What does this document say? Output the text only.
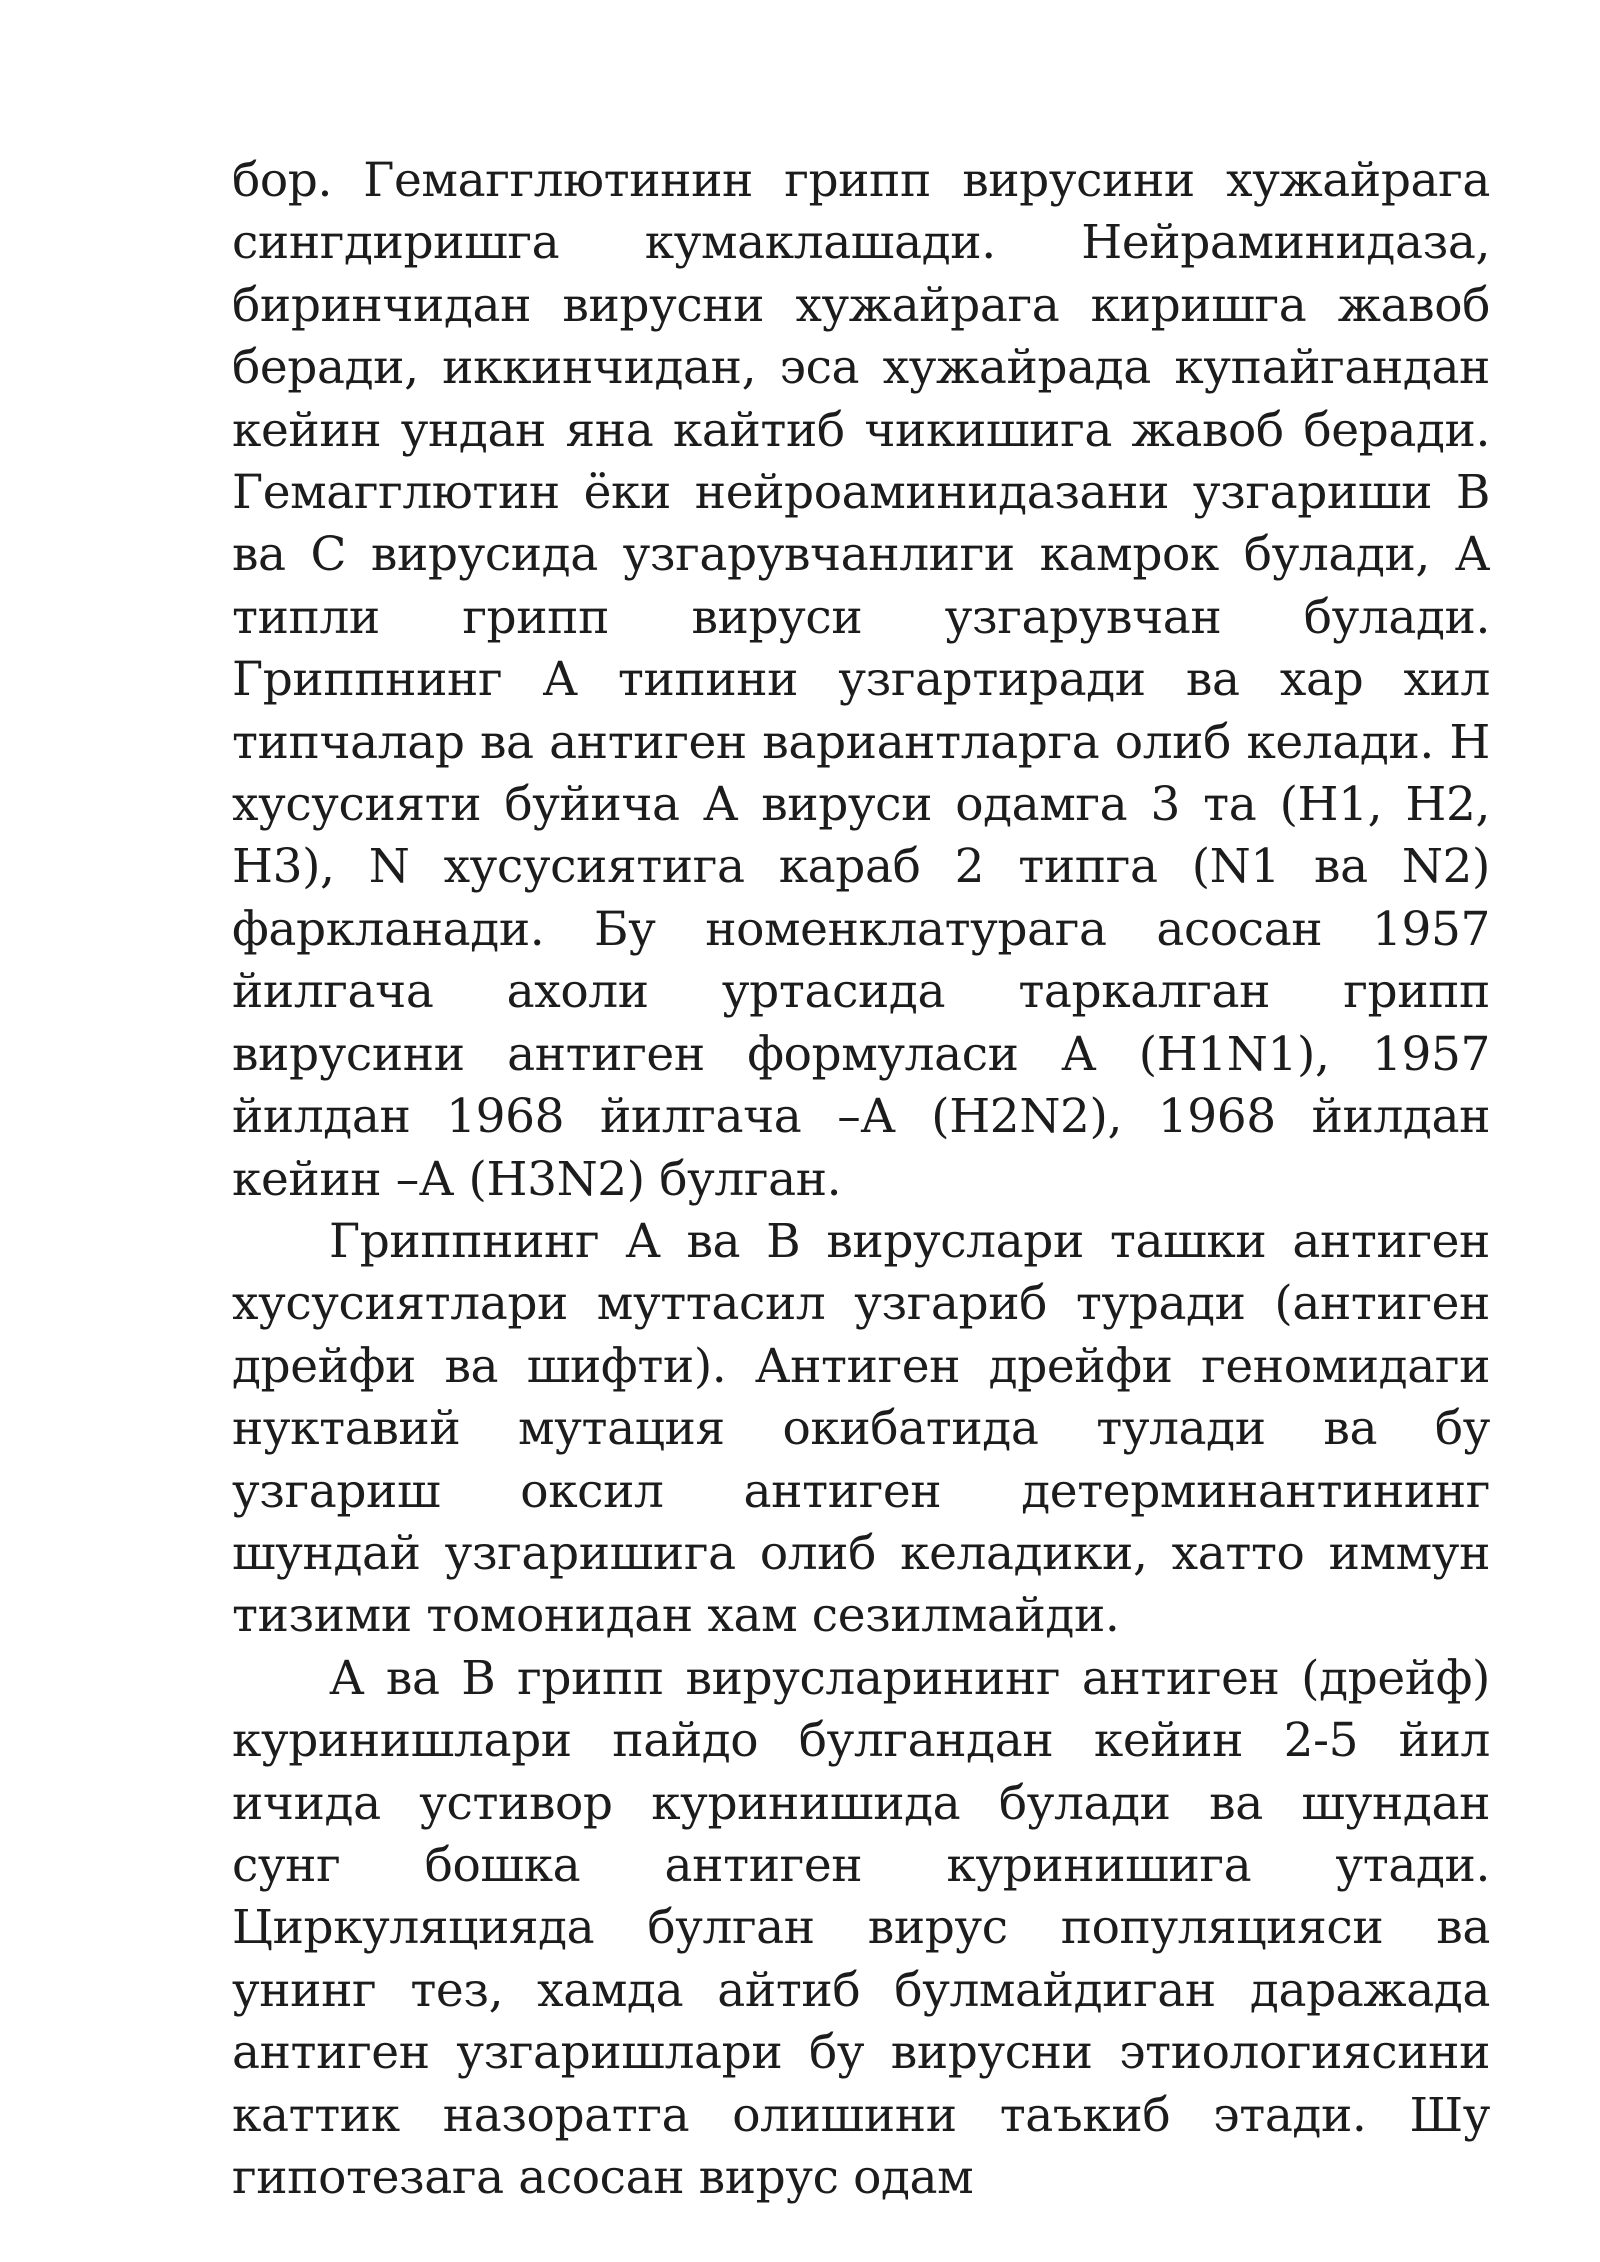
бор. Гемагглютинин грипп вирусини хужайрага сингдиришга кумаклашади. Нейраминидаза, биринчидан вирусни хужайрага киришга жавоб беради, иккинчидан, эса хужайрада купайгандан кейин ундан яна кайтиб чикишига жавоб беради. Гемагглютин ёки нейроаминидазани узгариши В ва С вирусида узгарувчанлиги камрок булади, А типли грипп вируси узгарувчан булади. Гриппнинг А типини узгартиради ва хар хил типчалар ва антиген вариантларга олиб келади. Н хусусияти буйича А вируси одамга 3 та (Н1, Н2, Н3), N хусусиятига караб 2 типга (N1 ва N2) фаркланади. Бу номенклатурага асосан 1957 йилгача ахоли уртасида таркалган грипп вирусини антиген формуласи А (Н1N1), 1957 йилдан 1968 йилгача –А (Н2N2), 1968 йилдан кейин –А (Н3N2) булган.

Гриппнинг А ва В вируслари ташки антиген хусусиятлари муттасил узгариб туради (антиген дрейфи ва шифти). Антиген дрейфи геномидаги нуктавий мутация окибатида тулади ва бу узгариш оксил антиген детерминантининг шундай узгаришига олиб келадики, хатто иммун тизими томонидан хам сезилмайди.

А ва В грипп вирусларининг антиген (дрейф) куринишлари пайдо булгандан кейин 2-5 йил ичида устивор куринишида булади ва шундан сунг бошка антиген куринишига утади. Циркуляцияда булган вирус популяцияси ва унинг тез, хамда айтиб булмайдиган даражада антиген узгаришлари бу вирусни этиологиясини каттик назоратга олишини таъкиб этади. Шу гипотезага асосан вирус одам
